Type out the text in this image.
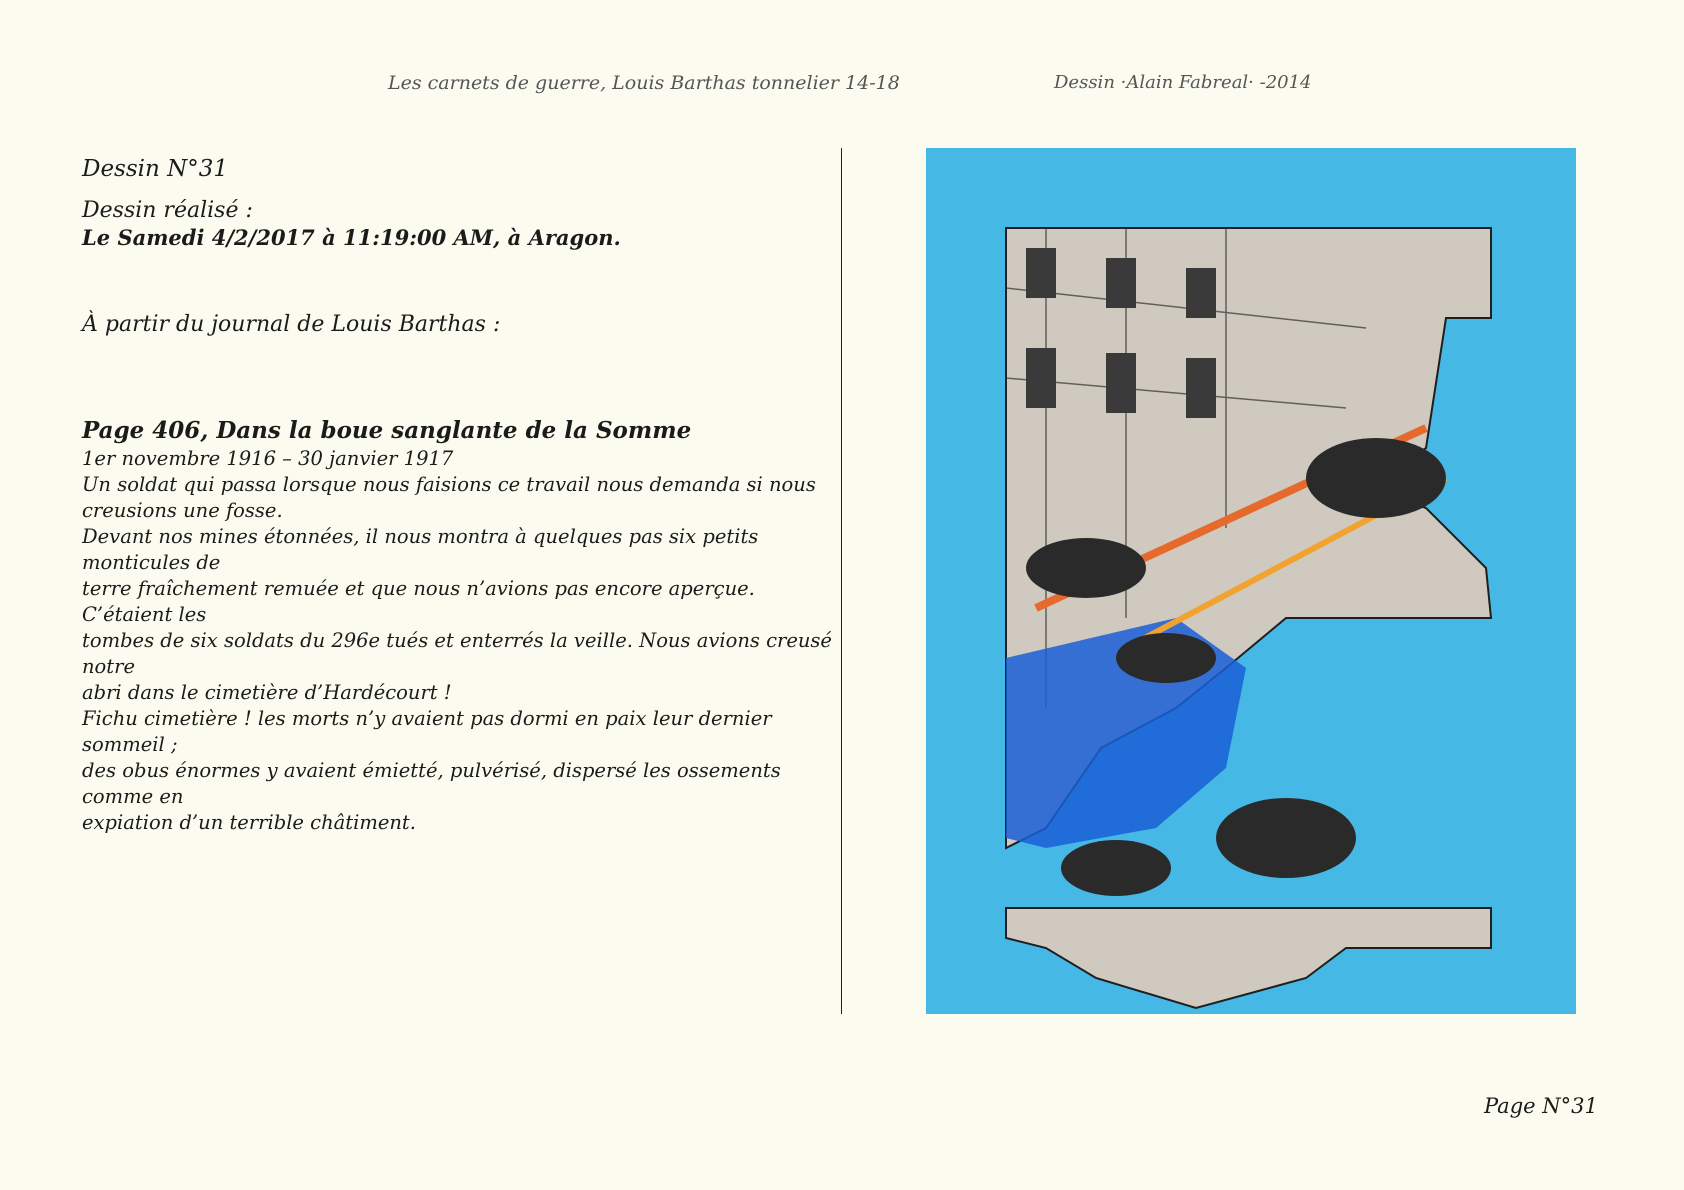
Les carnets de guerre, Louis Barthas tonnelier 14-18	Dessin ·Alain Fabreal· -2014

Dessin N°31

Dessin réalisé :

Le Samedi 4/2/2017 à 11:19:00 AM, à Aragon.

À partir du journal de Louis Barthas :

Page 406, Dans la boue sanglante de la Somme

1er novembre 1916 – 30 janvier 1917

Un soldat qui passa lorsque nous faisions ce travail nous demanda si nous

creusions une fosse.

Devant nos mines étonnées, il nous montra à quelques pas six petits monticules de

terre fraîchement remuée et que nous n’avions pas encore aperçue. C’étaient les

tombes de six soldats du 296e tués et enterrés la veille. Nous avions creusé notre

abri dans le cimetière d’Hardécourt !

Fichu cimetière ! les morts n’y avaient pas dormi en paix leur dernier sommeil ;

des obus énormes y avaient émietté, pulvérisé, dispersé les ossements comme en

expiation d’un terrible châtiment.

Page N°31
